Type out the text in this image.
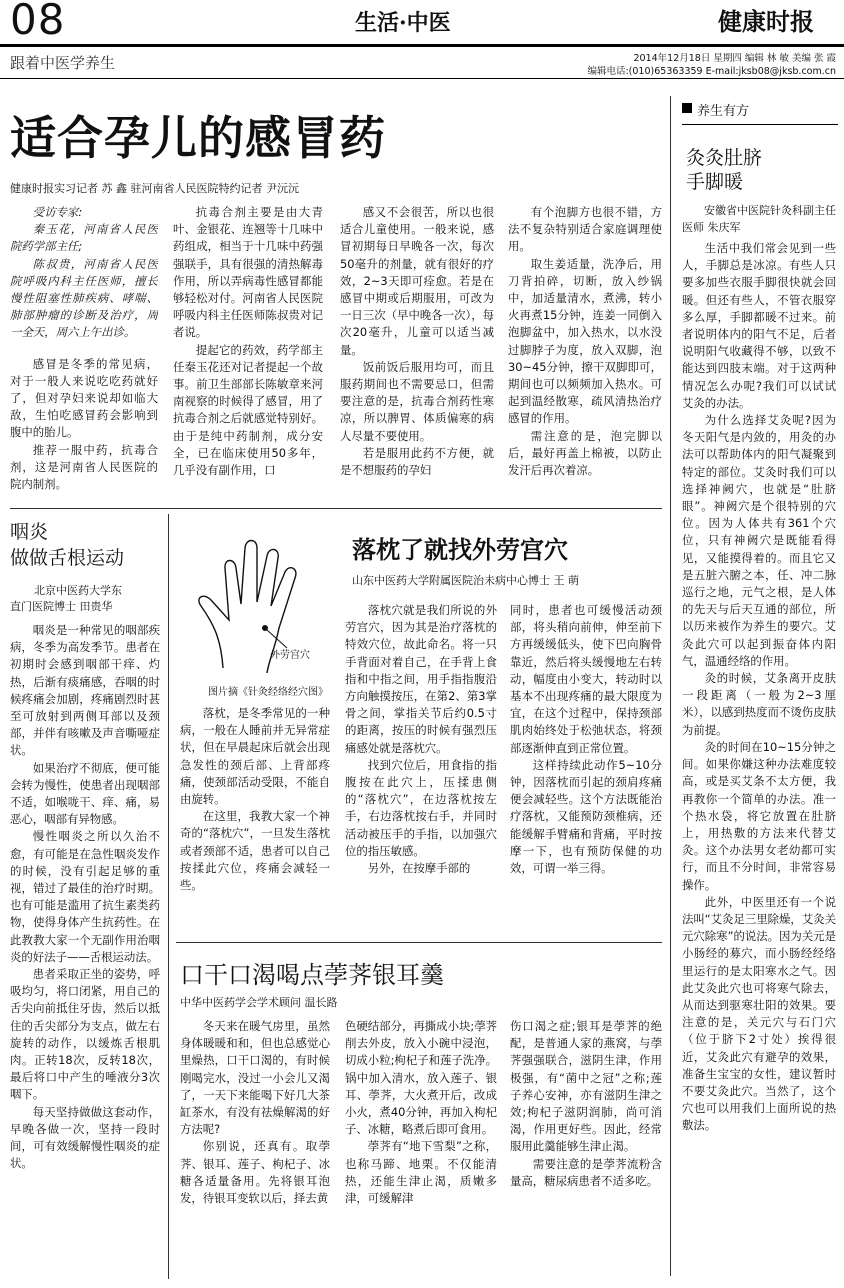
08	生活·中医	健康时报
跟着中医学养生	2014年12月18日 星期四 编辑 林 敏 美编 张 霞
编辑电话:(010)65363359 E-mail:jksb08@jksb.com.cn
适合孕儿的感冒药
健康时报实习记者 苏 鑫 驻河南省人民医院特约记者 尹沅沅

受访专家:

秦玉花，河南省人民医院药学部主任;

陈叔贵，河南省人民医院呼吸内科主任医师，擅长慢性阻塞性肺疾病、哮喘、肺部肿瘤的诊断及治疗，周一全天，周六上午出诊。

感冒是冬季的常见病，对于一般人来说吃吃药就好了，但对孕妇来说却如临大敌，生怕吃感冒药会影响到腹中的胎儿。

推荐一服中药，抗毒合剂，这是河南省人民医院的院内制剂。

抗毒合剂主要是由大青叶、金银花、连翘等十几味中药组成，相当于十几味中药强强联手，具有很强的清热解毒作用，所以弄病毒性感冒都能够轻松对付。河南省人民医院呼吸内科主任医师陈叔贵对记者说。

提起它的药效，药学部主任秦玉花还对记者提起一个故事。前卫生部部长陈敏章来河南视察的时候得了感冒，用了抗毒合剂之后就感觉特别好。由于是纯中药制剂，成分安全，已在临床使用50多年，几乎没有副作用，口

感又不会很苦，所以也很适合儿童使用。一般来说，感冒初期每日早晚各一次，每次50毫升的剂量，就有很好的疗效，2~3天即可痊愈。若是在感冒中期或后期服用，可改为一日三次（早中晚各一次），每次20毫升，儿童可以适当减量。

饭前饭后服用均可，而且服药期间也不需要忌口，但需要注意的是，抗毒合剂药性寒凉，所以脾胃、体质偏寒的病人尽量不要使用。

若是服用此药不方便，就是不想服药的孕妇

有个泡脚方也很不错，方法不复杂特别适合家庭调理使用。

取生姜适量，洗净后，用刀背拍碎，切断，放入纱锅中，加适量清水，煮沸，转小火再煮15分钟，连姜一同倒入泡脚盆中，加入热水，以水没过脚脖子为度，放入双脚，泡30~45分钟，擦干双脚即可，期间也可以频频加入热水。可起到温经散寒，疏风清热治疗感冒的作用。

需注意的是，泡完脚以后，最好再盖上棉被，以防止发汗后再次着凉。

咽炎
做做舌根运动
北京中医药大学东
直门医院博士 田贵华

咽炎是一种常见的咽部疾病，冬季为高发季节。患者在初期时会感到咽部干痒、灼热，后渐有痰痛感，吞咽的时候疼痛会加剧，疼痛剧烈时甚至可放射到两侧耳部以及颈部，并伴有咳嗽及声音嘶哑症状。

如果治疗不彻底，便可能会转为慢性，使患者出现咽部不适，如喉咙干、痒、痛，易恶心，咽部有异物感。

慢性咽炎之所以久治不愈，有可能是在急性咽炎发作的时候，没有引起足够的重视，错过了最佳的治疗时期。也有可能是滥用了抗生素类药物，使得身体产生抗药性。在此教教大家一个无副作用治咽炎的好法子——舌根运动法。

患者采取正坐的姿势，呼吸均匀，将口闭紧，用自己的舌尖向前抵住牙齿，然后以抵住的舌尖部分为支点，做左右旋转的动作，以缓炼舌根肌肉。正转18次，反转18次，最后将口中产生的唾液分3次咽下。

每天坚持做做这套动作，早晚各做一次，坚持一段时间，可有效缓解慢性咽炎的症状。

外劳宫穴
图片摘《针灸经络经穴图》
落枕了就找外劳宫穴
山东中医药大学附属医院治未病中心博士 王 萌

落枕，是冬季常见的一种病，一般在人睡前并无异常症状，但在早晨起床后就会出现急发性的颈后部、上背部疼痛，使颈部活动受限，不能自由旋转。

在这里，我教大家一个神奇的“落枕穴”，一旦发生落枕或者颈部不适，患者可以自己按揉此穴位，疼痛会减轻一些。

落枕穴就是我们所说的外劳宫穴，因为其是治疗落枕的特效穴位，故此命名。将一只手背面对着自己，在手背上食指和中指之间，用手指指腹沿方向触摸按压，在第2、第3掌骨之间，掌指关节后约0.5寸的距离，按压的时候有强烈压痛感处就是落枕穴。

找到穴位后，用食指的指腹按在此穴上，压揉患侧的“落枕穴”，在边落枕按左手，右边落枕按右手，并同时活动被压手的手指，以加强穴位的指压敏感。

另外，在按摩手部的

同时，患者也可缓慢活动颈部，将头稍向前伸，伸至前下方再缓缓低头，使下巴向胸骨靠近，然后将头缓慢地左右转动，幅度由小变大，转动时以基本不出现疼痛的最大限度为宜，在这个过程中，保持颈部肌肉始终处于松弛状态，将颈部逐渐伸直到正常位置。

这样持续此动作5~10分钟，因落枕而引起的颈肩疼痛便会减轻些。这个方法既能治疗落枕，又能预防颈椎病，还能缓解手臂痛和背痛，平时按摩一下，也有预防保健的功效，可谓一举三得。

口干口渴喝点荸荠银耳羹
中华中医药学会学术顾问 温长路

冬天来在暖气房里，虽然身体暖暖和和，但也总感觉心里燥热，口干口渴的，有时候刚喝完水，没过一小会儿又渴了，一天下来能喝下好几大茶缸茶水，有没有祛燥解渴的好方法呢?

你别说，还真有。取荸荠、银耳、莲子、枸杞子、冰糖各适量备用。先将银耳泡发，待银耳变软以后，择去黄

色硬结部分，再撕成小块;荸荠削去外皮，放入小碗中浸泡，切成小粒;枸杞子和莲子洗净。锅中加入清水，放入莲子、银耳、荸荠，大火煮开后，改成小火，煮40分钟，再加入枸杞子、冰糖，略煮后即可食用。

荸荠有“地下雪梨”之称，也称马蹄、地栗。不仅能清热，还能生津止渴，质嫩多津，可缓解津

伤口渴之症;银耳是荸荠的绝配，是普通人家的燕窝，与荸荠强强联合，滋阴生津，作用极强，有“菌中之冠”之称;莲子养心安神，亦有滋阴生津之效;枸杞子滋阴润肺，尚可消渴，作用更好些。因此，经常服用此羹能够生津止渴。

需要注意的是荸荠流粉含量高，糖尿病患者不适多吃。

养生有方
灸灸肚脐
手脚暖

安徽省中医院针灸科副主任医师 朱庆军

生活中我们常会见到一些人，手脚总是冰凉。有些人只要多加些衣服手脚很快就会回暖。但还有些人，不管衣服穿多么厚，手脚都暖不过来。前者说明体内的阳气不足，后者说明阳气收藏得不够，以致不能达到四肢末端。对于这两种情况怎么办呢?我们可以试试艾灸的办法。

为什么选择艾灸呢?因为冬天阳气是内敛的，用灸的办法可以帮助体内的阳气凝聚到特定的部位。艾灸时我们可以选择神阙穴，也就是“肚脐眼”。神阙穴是个很特别的穴位。因为人体共有361个穴位，只有神阙穴是既能看得见，又能摸得着的。而且它又是五脏六腑之本，任、冲二脉巡行之地，元气之根，是人体的先天与后天互通的部位，所以历来被作为养生的要穴。艾灸此穴可以起到振奋体内阳气，温通经络的作用。

灸的时候，艾条离开皮肤一段距离（一般为2~3厘米），以感到热度而不烫伤皮肤为前提。

灸的时间在10~15分钟之间。如果你嫌这种办法难度较高，或是买艾条不太方便，我再教你一个简单的办法。准一个热水袋，将它放置在肚脐上，用热敷的方法来代替艾灸。这个办法男女老幼都可实行，而且不分时间，非常容易操作。

此外，中医里还有一个说法叫“艾灸足三里除燥，艾灸关元穴除寒”的说法。因为关元是小肠经的募穴，而小肠经经络里运行的是太阳寒水之气。因此艾灸此穴也可将寒气除去，从而达到驱寒壮阳的效果。要注意的是，关元穴与石门穴（位于脐下2寸处）挨得很近，艾灸此穴有避孕的效果，准备生宝宝的女性，建议暂时不要艾灸此穴。当然了，这个穴也可以用我们上面所说的热敷法。
